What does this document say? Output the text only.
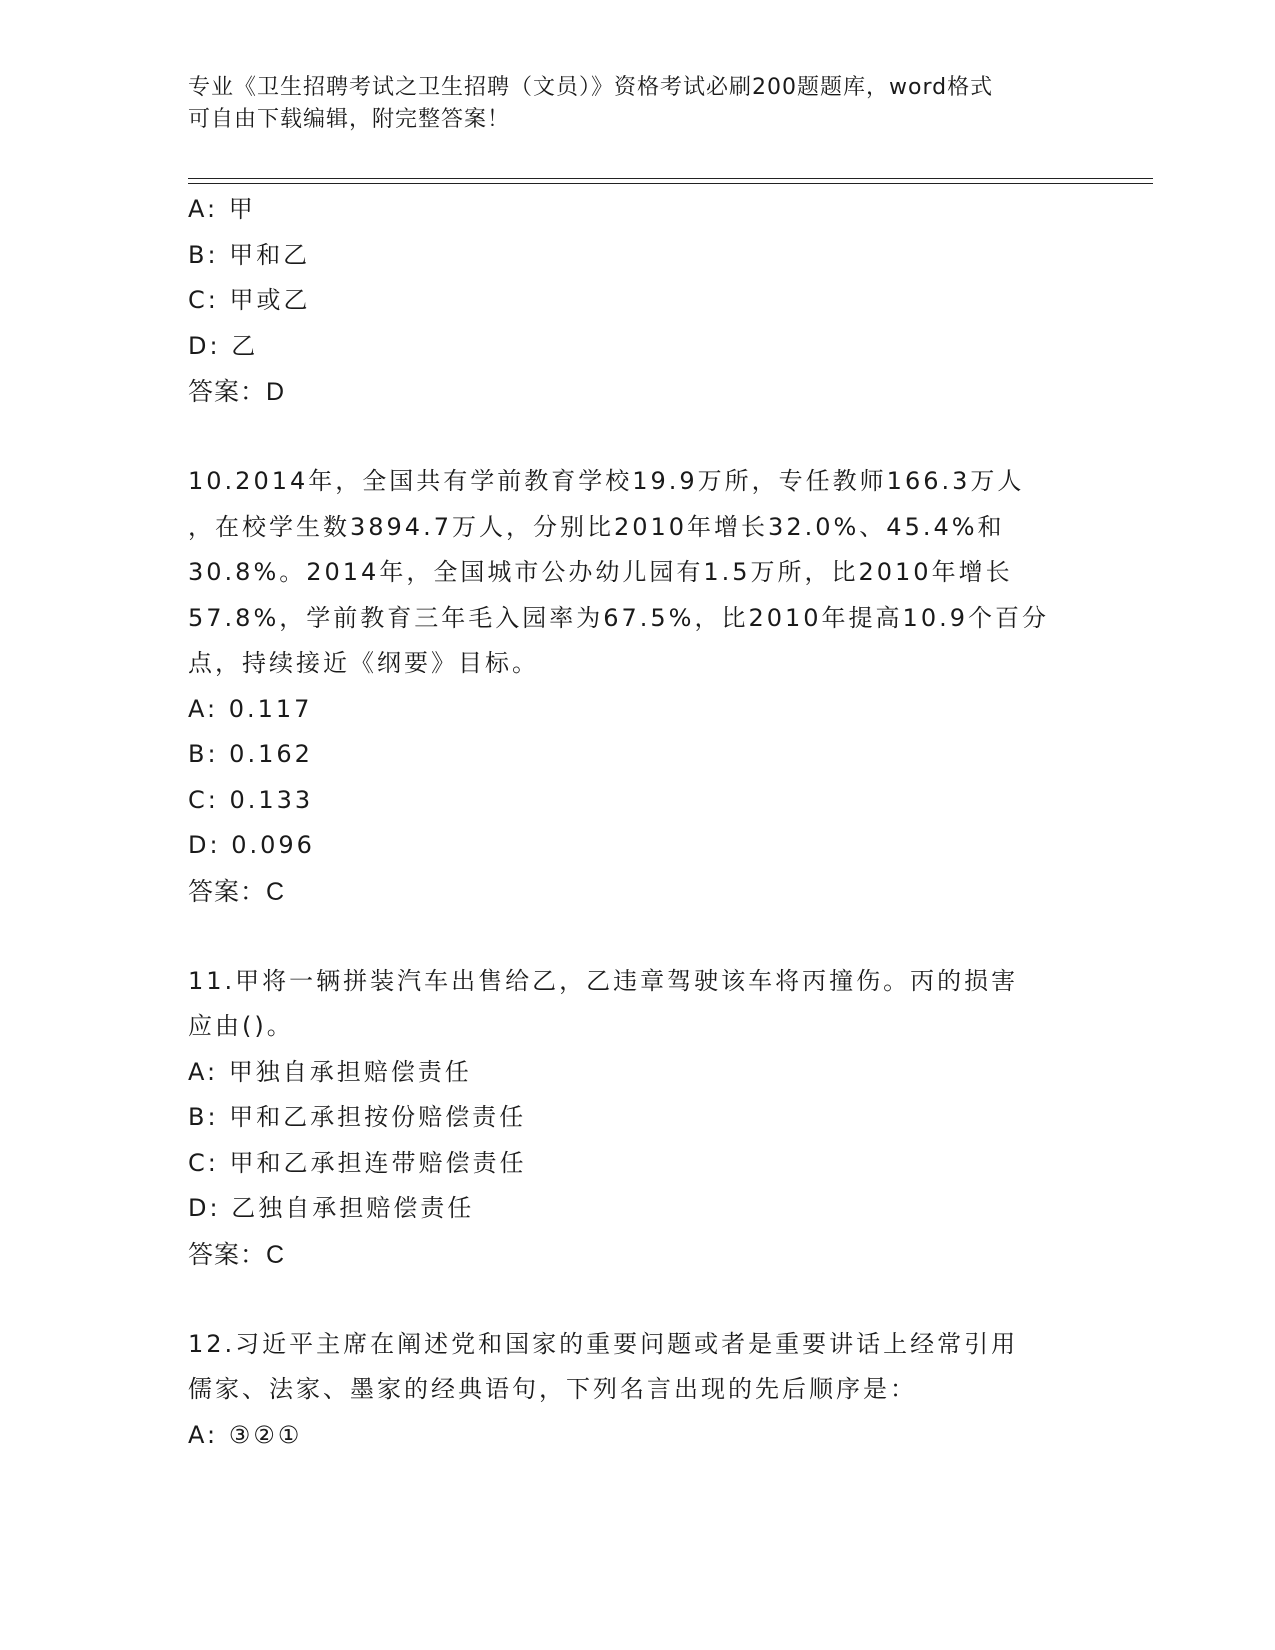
专业《卫生招聘考试之卫生招聘（文员）》资格考试必刷200题题库，word格式
可自由下载编辑，附完整答案！
A: 甲
B: 甲和乙
C: 甲或乙
D: 乙
答案：D
10.2014年，全国共有学前教育学校19.9万所，专任教师166.3万人
，在校学生数3894.7万人，分别比2010年增长32.0%、45.4%和
30.8%。2014年，全国城市公办幼儿园有1.5万所，比2010年增长
57.8%，学前教育三年毛入园率为67.5%，比2010年提高10.9个百分
点，持续接近《纲要》目标。
A: 0.117
B: 0.162
C: 0.133
D: 0.096
答案：C
11.甲将一辆拼装汽车出售给乙，乙违章驾驶该车将丙撞伤。丙的损害
应由()。
A: 甲独自承担赔偿责任
B: 甲和乙承担按份赔偿责任
C: 甲和乙承担连带赔偿责任
D: 乙独自承担赔偿责任
答案：C
12.习近平主席在阐述党和国家的重要问题或者是重要讲话上经常引用
儒家、法家、墨家的经典语句，下列名言出现的先后顺序是：
A: ③②①
